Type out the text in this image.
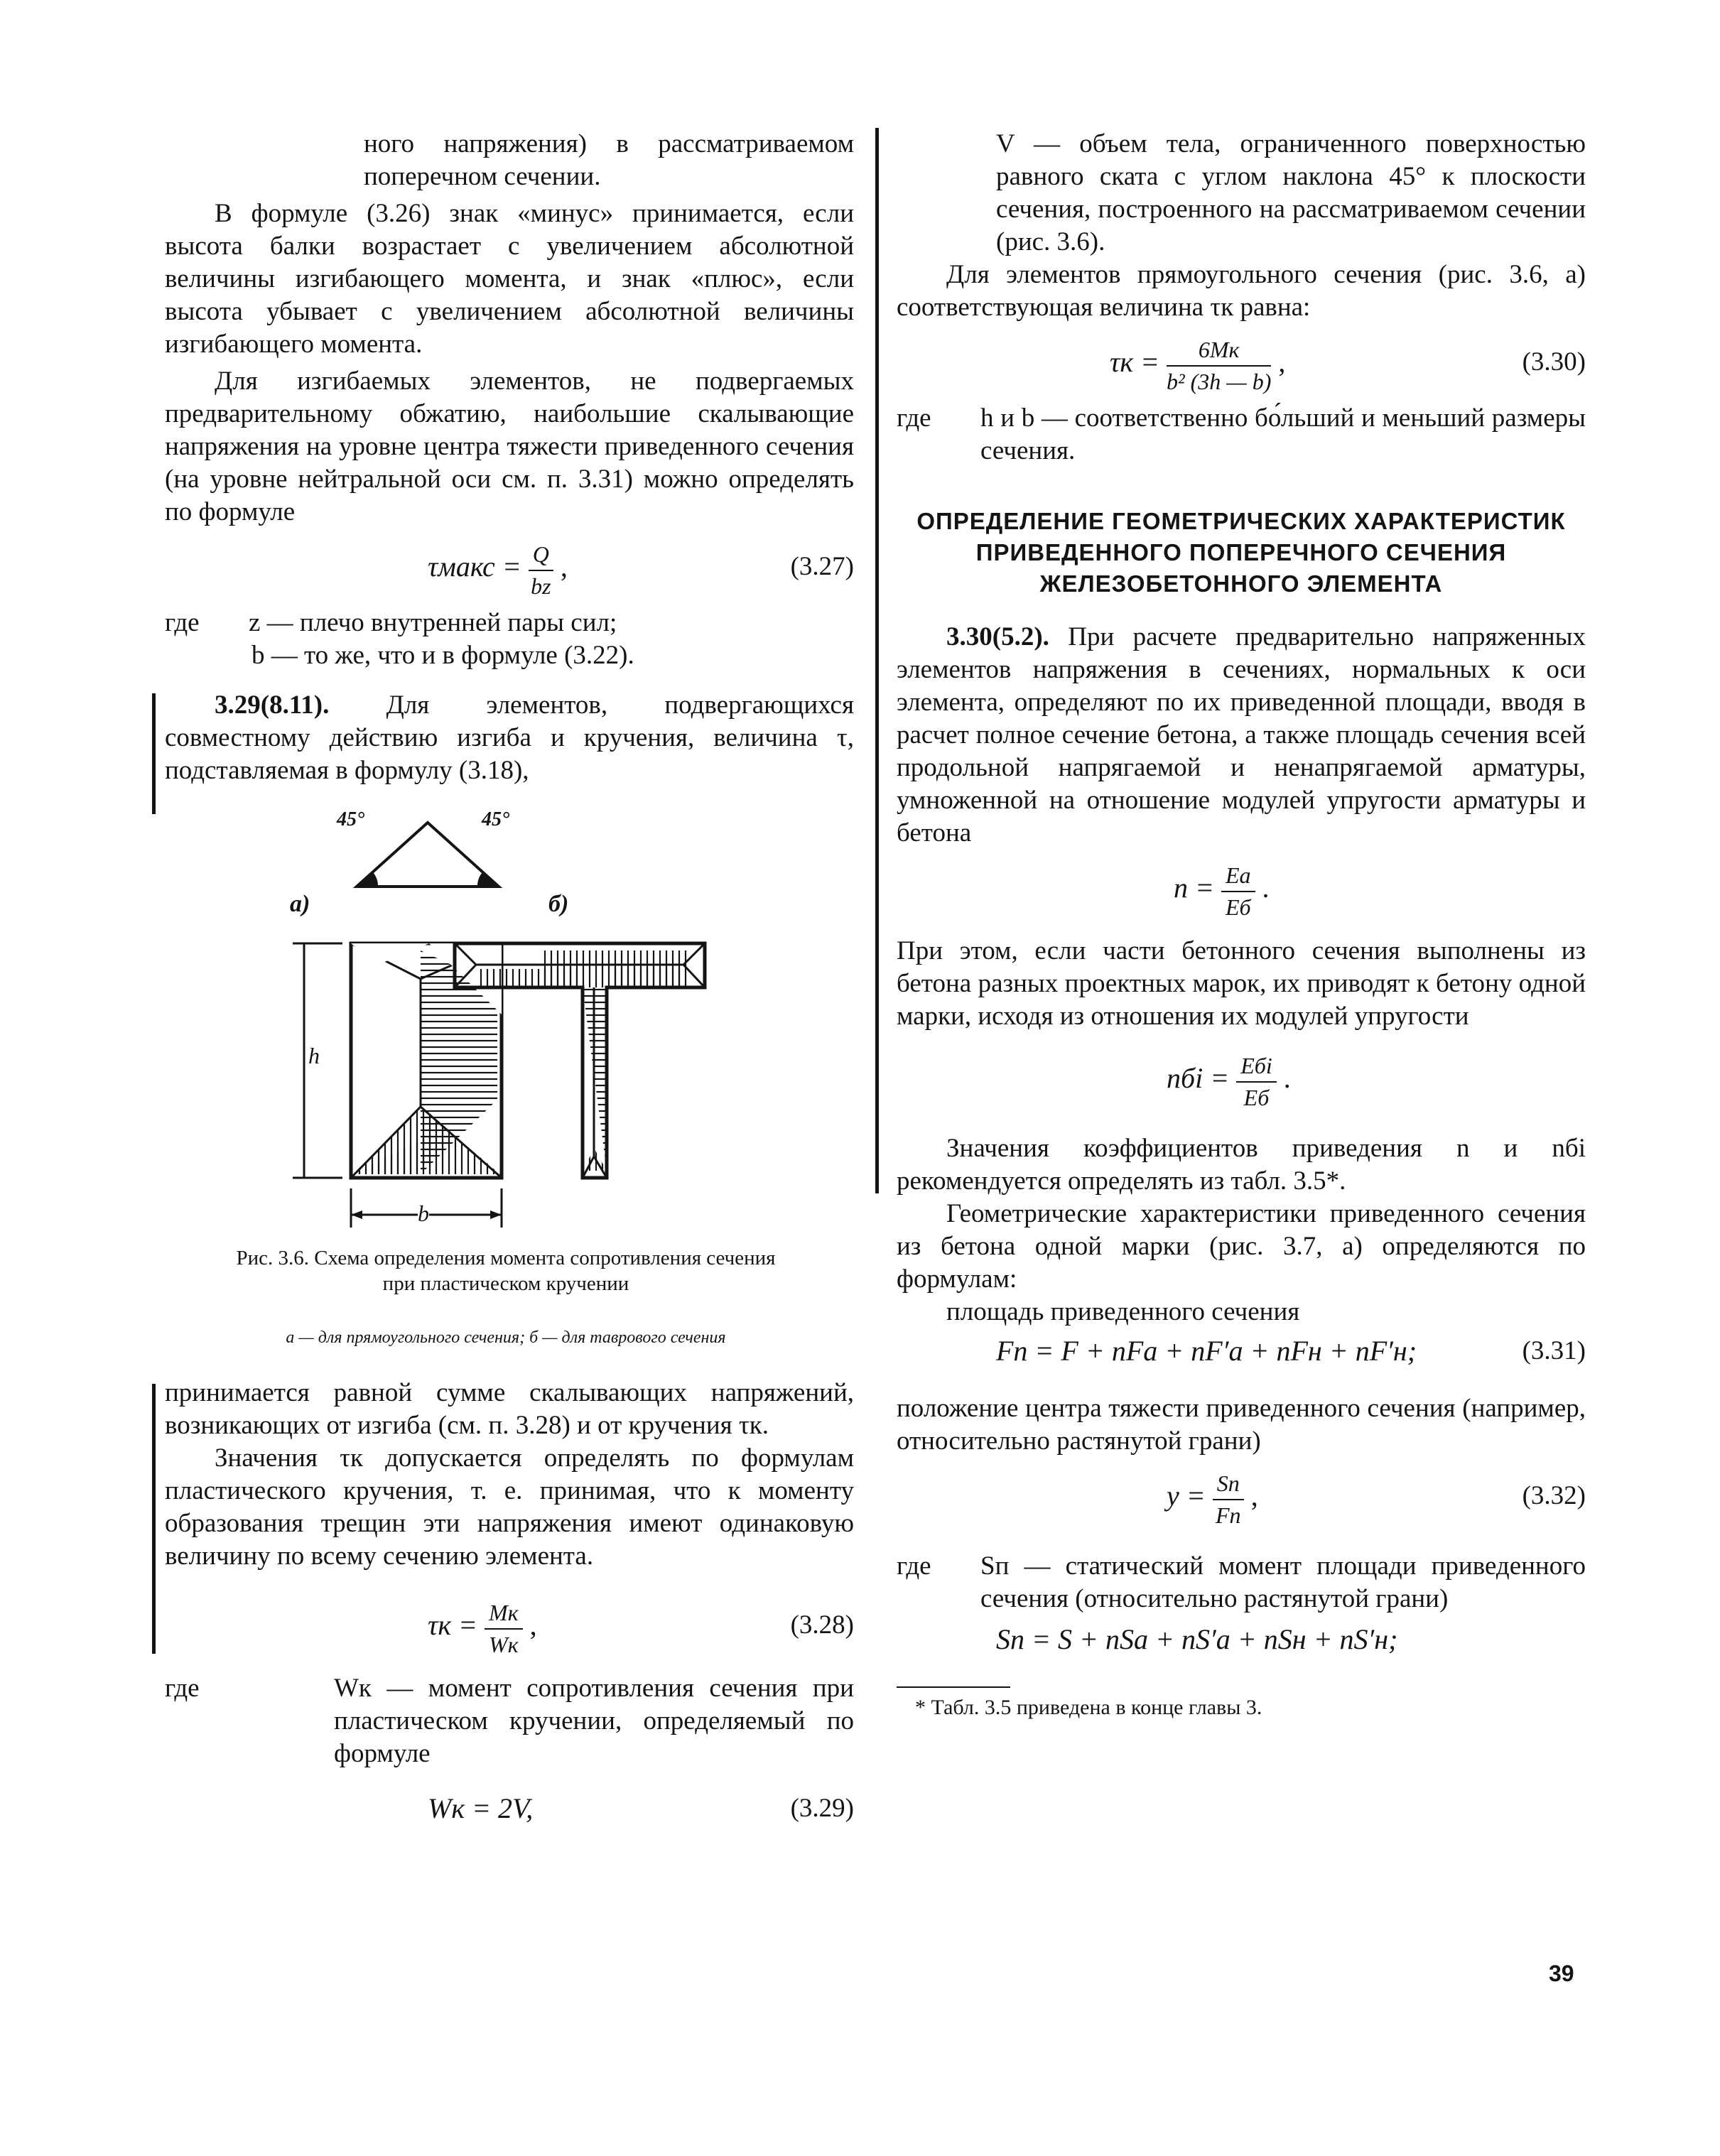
ного напряжения) в рассматриваемом поперечном сечении.

В формуле (3.26) знак «минус» принимается, если высота балки возрастает с увеличением абсолютной величины изгибающего момента, и знак «плюс», если высота убывает с увеличением абсолютной величины изгибающего момента.

Для изгибаемых элементов, не подвергаемых предварительному обжатию, наибольшие скалывающие напряжения на уровне центра тяжести приведенного сечения (на уровне нейтральной оси см. п. 3.31) можно определять по формуле

τмакс = $\frac{Q}{bz}$ ,	(3.27)

где z — плечо внутренней пары сил;

b — то же, что и в формуле (3.22).

3.29(8.11). Для элементов, подвергающихся совместному действию изгиба и кручения, величина τ, подставляемая в формулу (3.18),

45°	45°
а)	б)
h
b

Рис. 3.6. Схема определения момента сопротивления сечения при пластическом кручении

а — для прямоугольного сечения; б — для таврового сечения

принимается равной сумме скалывающих напряжений, возникающих от изгиба (см. п. 3.28) и от кручения τк.

Значения τк допускается определять по формулам пластического кручения, т. е. принимая, что к моменту образования трещин эти напряжения имеют одинаковую величину по всему сечению элемента.

$\tau к = \frac{Mк}{Wк}$ ,	(3.28)

где	Wк — момент сопротивления сечения при пластическом кручении, определяемый по формуле

Wк = 2V,	(3.29)

V — объем тела, ограниченного поверхностью равного ската с углом наклона 45° к плоскости сечения, построенного на рассматриваемом сечении (рис. 3.6).

Для элементов прямоугольного сечения (рис. 3.6, а) соответствующая величина τк равна:

$\tau к = \frac{6Mк}{\text{b² (3h — b)}}$ ,	(3.30)

где h и b — соответственно бо́льший и меньший размеры сечения.

ОПРЕДЕЛЕНИЕ ГЕОМЕТРИЧЕСКИХ ХАРАКТЕРИСТИК ПРИВЕДЕННОГО ПОПЕРЕЧНОГО СЕЧЕНИЯ ЖЕЛЕЗОБЕТОННОГО ЭЛЕМЕНТА

3.30(5.2). При расчете предварительно напряженных элементов напряжения в сечениях, нормальных к оси элемента, определяют по их приведенной площади, вводя в расчет полное сечение бетона, а также площадь сечения всей продольной напрягаемой и ненапрягаемой арматуры, умноженной на отношение модулей упругости арматуры и бетона

$n = \frac{Eа}{Eб}$ .

При этом, если части бетонного сечения выполнены из бетона разных проектных марок, их приводят к бетону одной марки, исходя из отношения их модулей упругости

nбi = $\frac{\text{Eбi}}{Eб}$ .

Значения коэффициентов приведения n и nбi рекомендуется определять из табл. 3.5*.

Геометрические характеристики приведенного сечения из бетона одной марки (рис. 3.7, а) определяются по формулам:

площадь приведенного сечения

Fп = F + nFа + nF′а + nFн + nF′н;	(3.31)

положение центра тяжести приведенного сечения (например, относительно растянутой грани)

$y = \frac{Sп}{Fп}$ ,	(3.32)

где Sп — статический момент площади приведенного сечения (относительно растянутой грани)

Sп = S + nSа + nS′а + nSн + nS′н;

* Табл. 3.5 приведена в конце главы 3.

39
